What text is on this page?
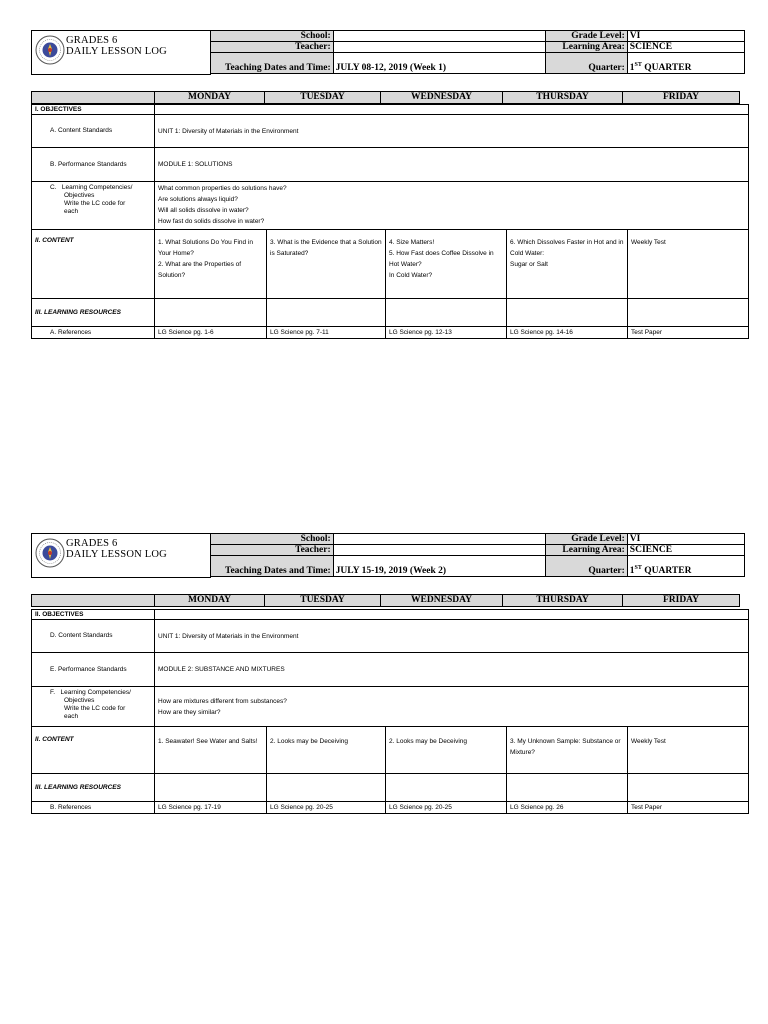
GRADES 6
DAILY LESSON LOG
School:		Grade Level:	VI
Teacher:		Learning Area:	SCIENCE
Teaching Dates and Time:	JULY 08-12, 2019 (Week 1)	Quarter:	1ST QUARTER
	MONDAY	TUESDAY	WEDNESDAY	THURSDAY	FRIDAY
I. OBJECTIVES					
A. Content Standards	UNIT 1: Diversity of Materials in the Environment				
B. Performance Standards	MODULE 1: SOLUTIONS				
C. Learning Competencies/
Objectives
Write the LC code for
each	What common properties do solutions have?
Are solutions always liquid?
Will all solids dissolve in water?
How fast do solids dissolve in water?				

II. CONTENT	1. What Solutions Do You Find in Your Home?
2. What are the Properties of Solution?	3. What is the Evidence that a Solution is Saturated?	4. Size Matters!
5. How Fast does Coffee Dissolve in Hot Water?
In Cold Water?	6. Which Dissolves Faster in Hot and in Cold Water:
Sugar or Salt	Weekly Test

III. LEARNING RESOURCES					
A. References	LG Science pg. 1-6	LG Science pg. 7-11	LG Science pg. 12-13	LG Science pg. 14-16	Test Paper
GRADES 6
DAILY LESSON LOG
School:		Grade Level:	VI
Teacher:		Learning Area:	SCIENCE
Teaching Dates and Time:	JULY 15-19, 2019 (Week 2)	Quarter:	1ST QUARTER
	MONDAY	TUESDAY	WEDNESDAY	THURSDAY	FRIDAY
II. OBJECTIVES					
D. Content Standards	UNIT 1: Diversity of Materials in the Environment				
E. Performance Standards	MODULE 2: SUBSTANCE AND MIXTURES				
F. Learning Competencies/
Objectives
Write the LC code for
each	How are mixtures different from substances?
How are they similar?				

II. CONTENT	1. Seawater! See Water and Salts!	2. Looks may be Deceiving	2. Looks may be Deceiving	3. My Unknown Sample: Substance or Mixture?	Weekly Test

III. LEARNING RESOURCES					
B. References	LG Science pg. 17-19	LG Science pg. 20-25	LG Science pg. 20-25	LG Science pg. 26	Test Paper
